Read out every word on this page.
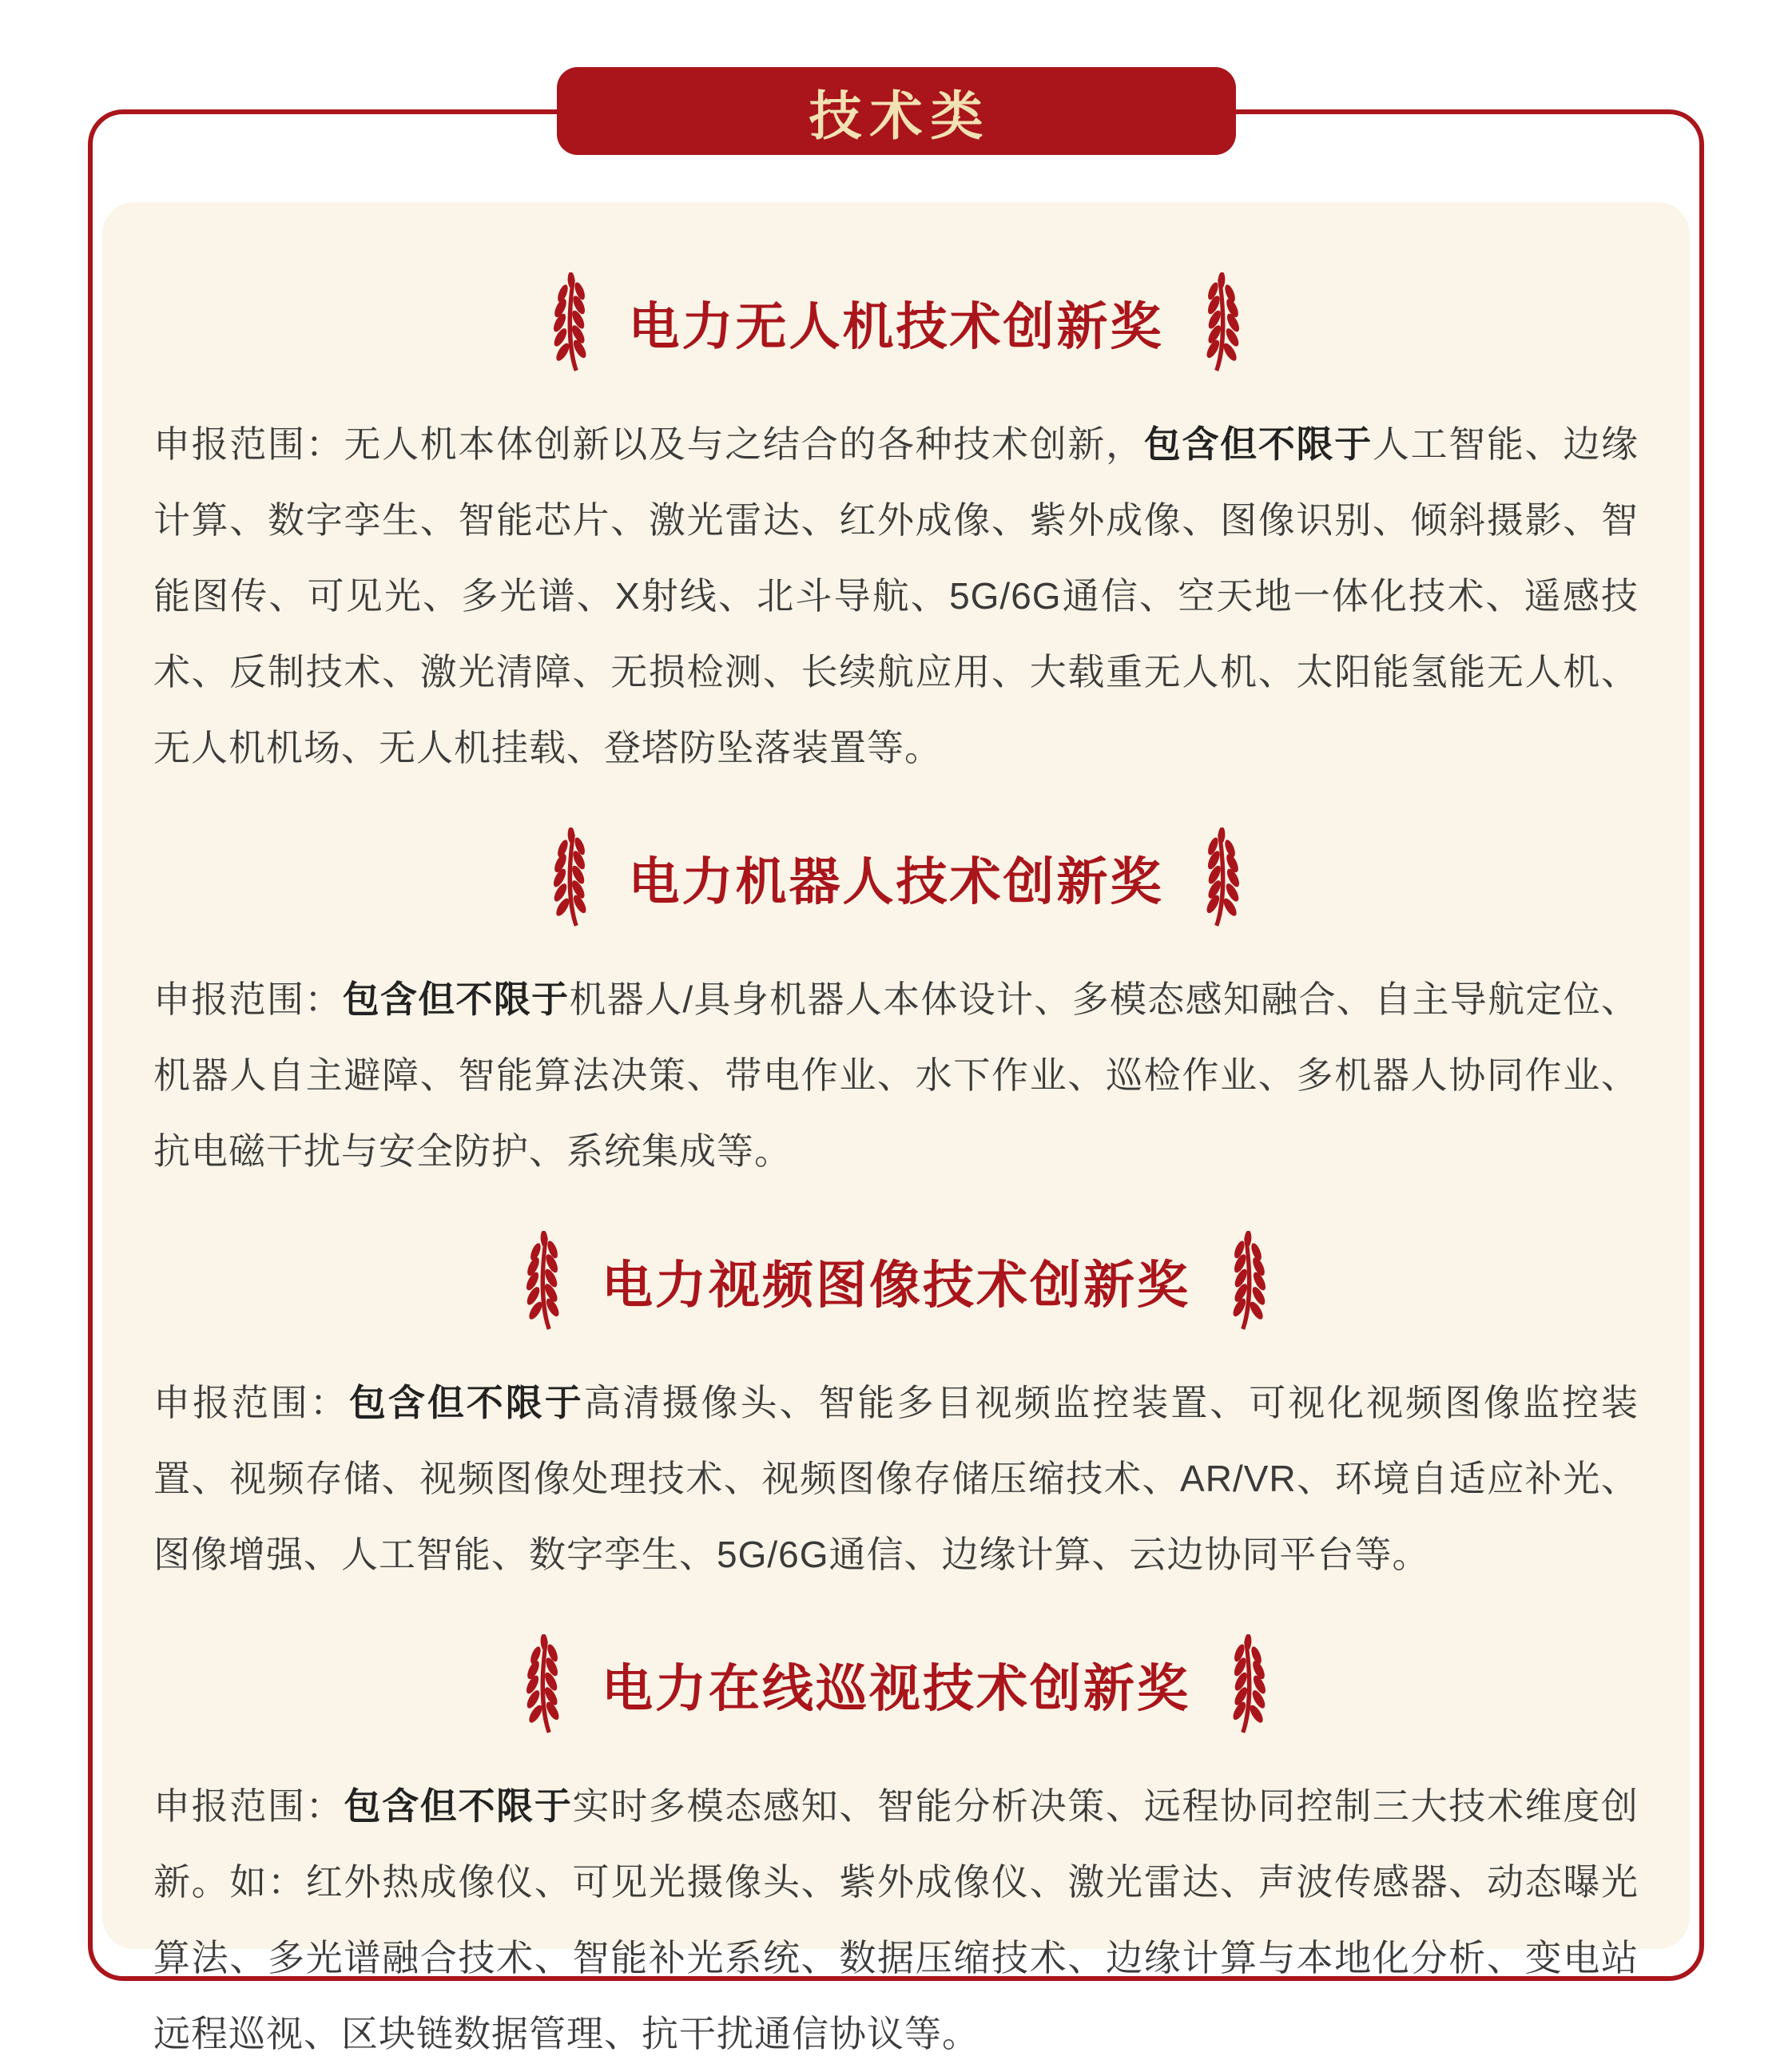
技术类
电力无人机技术创新奖

申报范围：无人机本体创新以及与之结合的各种技术创新，包含但不限于人工智能、边缘计算、数字孪生、智能芯片、激光雷达、红外成像、紫外成像、图像识别、倾斜摄影、智能图传、可见光、多光谱、X射线、北斗导航、5G/6G通信、空天地一体化技术、遥感技术、反制技术、激光清障、无损检测、长续航应用、大载重无人机、太阳能氢能无人机、无人机机场、无人机挂载、登塔防坠落装置等。

电力机器人技术创新奖

申报范围：包含但不限于机器人/具身机器人本体设计、多模态感知融合、自主导航定位、机器人自主避障、智能算法决策、带电作业、水下作业、巡检作业、多机器人协同作业、抗电磁干扰与安全防护、系统集成等。

电力视频图像技术创新奖

申报范围：包含但不限于高清摄像头、智能多目视频监控装置、可视化视频图像监控装置、视频存储、视频图像处理技术、视频图像存储压缩技术、AR/VR、环境自适应补光、图像增强、人工智能、数字孪生、5G/6G通信、边缘计算、云边协同平台等。

电力在线巡视技术创新奖

申报范围：包含但不限于实时多模态感知、智能分析决策、远程协同控制三大技术维度创新。如：红外热成像仪、可见光摄像头、紫外成像仪、激光雷达、声波传感器、动态曝光算法、多光谱融合技术、智能补光系统、数据压缩技术、边缘计算与本地化分析、变电站远程巡视、区块链数据管理、抗干扰通信协议等。
